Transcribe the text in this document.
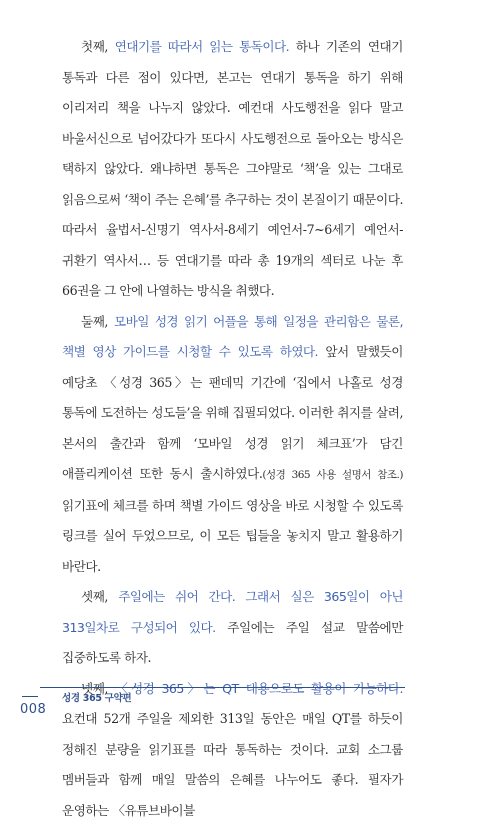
첫째, 연대기를 따라서 읽는 통독이다. 하나 기존의 연대기 통독과 다른 점이 있다면, 본고는 연대기 통독을 하기 위해 이리저리 책을 나누지 않았다. 예컨대 사도행전을 읽다 말고 바울서신으로 넘어갔다가 또다시 사도행전으로 돌아오는 방식은 택하지 않았다. 왜냐하면 통독은 그야말로 ‘책’을 있는 그대로 읽음으로써 ‘책이 주는 은혜’를 추구하는 것이 본질이기 때문이다. 따라서 율법서-신명기 역사서-8세기 예언서-7~6세기 예언서-귀환기 역사서… 등 연대기를 따라 총 19개의 섹터로 나눈 후 66권을 그 안에 나열하는 방식을 취했다.

둘째, 모바일 성경 읽기 어플을 통해 일정을 관리함은 물론, 책별 영상 가이드를 시청할 수 있도록 하였다. 앞서 말했듯이 예당초 〈성경 365〉는 팬데믹 기간에 ‘집에서 나홀로 성경 통독에 도전하는 성도들’을 위해 집필되었다. 이러한 취지를 살려, 본서의 출간과 함께 ‘모바일 성경 읽기 체크표’가 담긴 애플리케이션 또한 동시 출시하였다.(성경 365 사용 설명서 참조.) 읽기표에 체크를 하며 책별 가이드 영상을 바로 시청할 수 있도록 링크를 실어 두었으므로, 이 모든 팁들을 놓치지 말고 활용하기 바란다.

셋째, 주일에는 쉬어 간다. 그래서 실은 365일이 아닌 313일차로 구성되어 있다. 주일에는 주일 설교 말씀에만 집중하도록 하자.

넷째, 〈성경 365〉는 QT 대용으로도 활용이 가능하다. 요컨대 52개 주일을 제외한 313일 동안은 매일 QT를 하듯이 정해진 분량을 읽기표를 따라 통독하는 것이다. 교회 소그룹 멤버들과 함께 매일 말씀의 은혜를 나누어도 좋다. 필자가 운영하는 〈유튜브바이블

성경 365 구약편
008
